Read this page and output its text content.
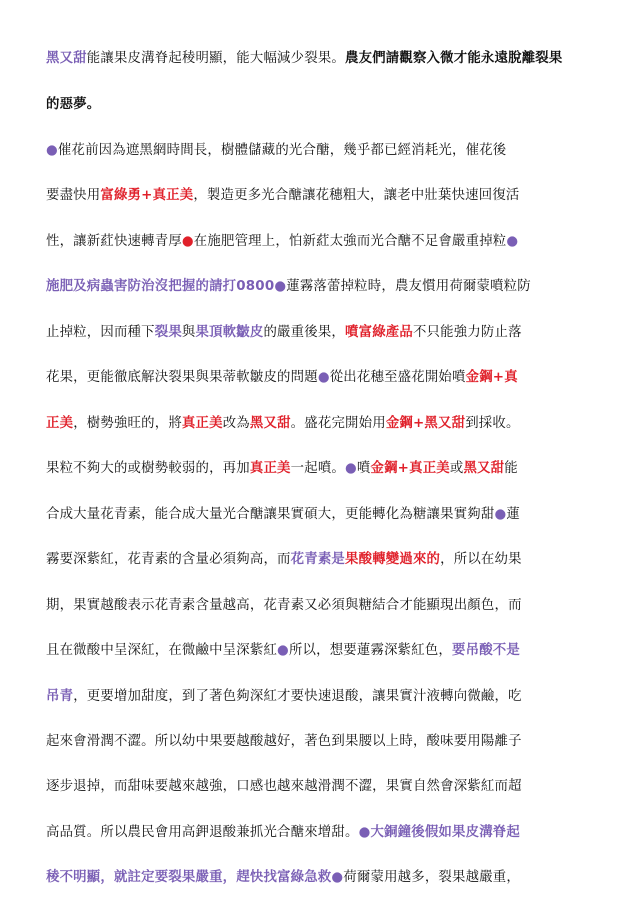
黑又甜能讓果皮溝脊起稜明顯，能大幅減少裂果。農友們請觀察入微才能永遠脫離裂果
的惡夢。
●催花前因為遮黑網時間長，樹體儲藏的光合醣，幾乎都已經消耗光，催花後
要盡快用富綠勇+真正美，製造更多光合醣讓花穗粗大，讓老中壯葉快速回復活
性，讓新葒快速轉青厚●在施肥管理上，怕新葒太強而光合醣不足會嚴重掉粒●
施肥及病蟲害防治沒把握的請打0800●蓮霧落蕾掉粒時，農友慣用荷爾蒙噴粒防
止掉粒，因而種下裂果與果頂軟皺皮的嚴重後果，噴富綠產品不只能強力防止落
花果，更能徹底解決裂果與果蒂軟皺皮的問題●從出花穗至盛花開始噴金鋼+真
正美，樹勢強旺的，將真正美改為黑又甜。盛花完開始用金鋼+黑又甜到採收。
果粒不夠大的或樹勢較弱的，再加真正美一起噴。●噴金鋼+真正美或黑又甜能
合成大量花青素，能合成大量光合醣讓果實碩大，更能轉化為糖讓果實夠甜●蓮
霧要深紫紅，花青素的含量必須夠高，而花青素是果酸轉變過來的，所以在幼果
期，果實越酸表示花青素含量越高，花青素又必須與糖結合才能顯現出顏色，而
且在微酸中呈深紅，在微鹼中呈深紫紅●所以，想要蓮霧深紫紅色，要吊酸不是
吊青，更要增加甜度，到了著色夠深紅才要快速退酸，讓果實汁液轉向微鹼，吃
起來會滑潤不澀。所以幼中果要越酸越好，著色到果腰以上時，酸味要用陽離子
逐步退掉，而甜味要越來越強，口感也越來越滑潤不澀，果實自然會深紫紅而超
高品質。所以農民會用高鉀退酸兼抓光合醣來增甜。●大銅鐘後假如果皮溝脊起
稜不明顯，就註定要裂果嚴重，趕快找富綠急救●荷爾蒙用越多，裂果越嚴重，
